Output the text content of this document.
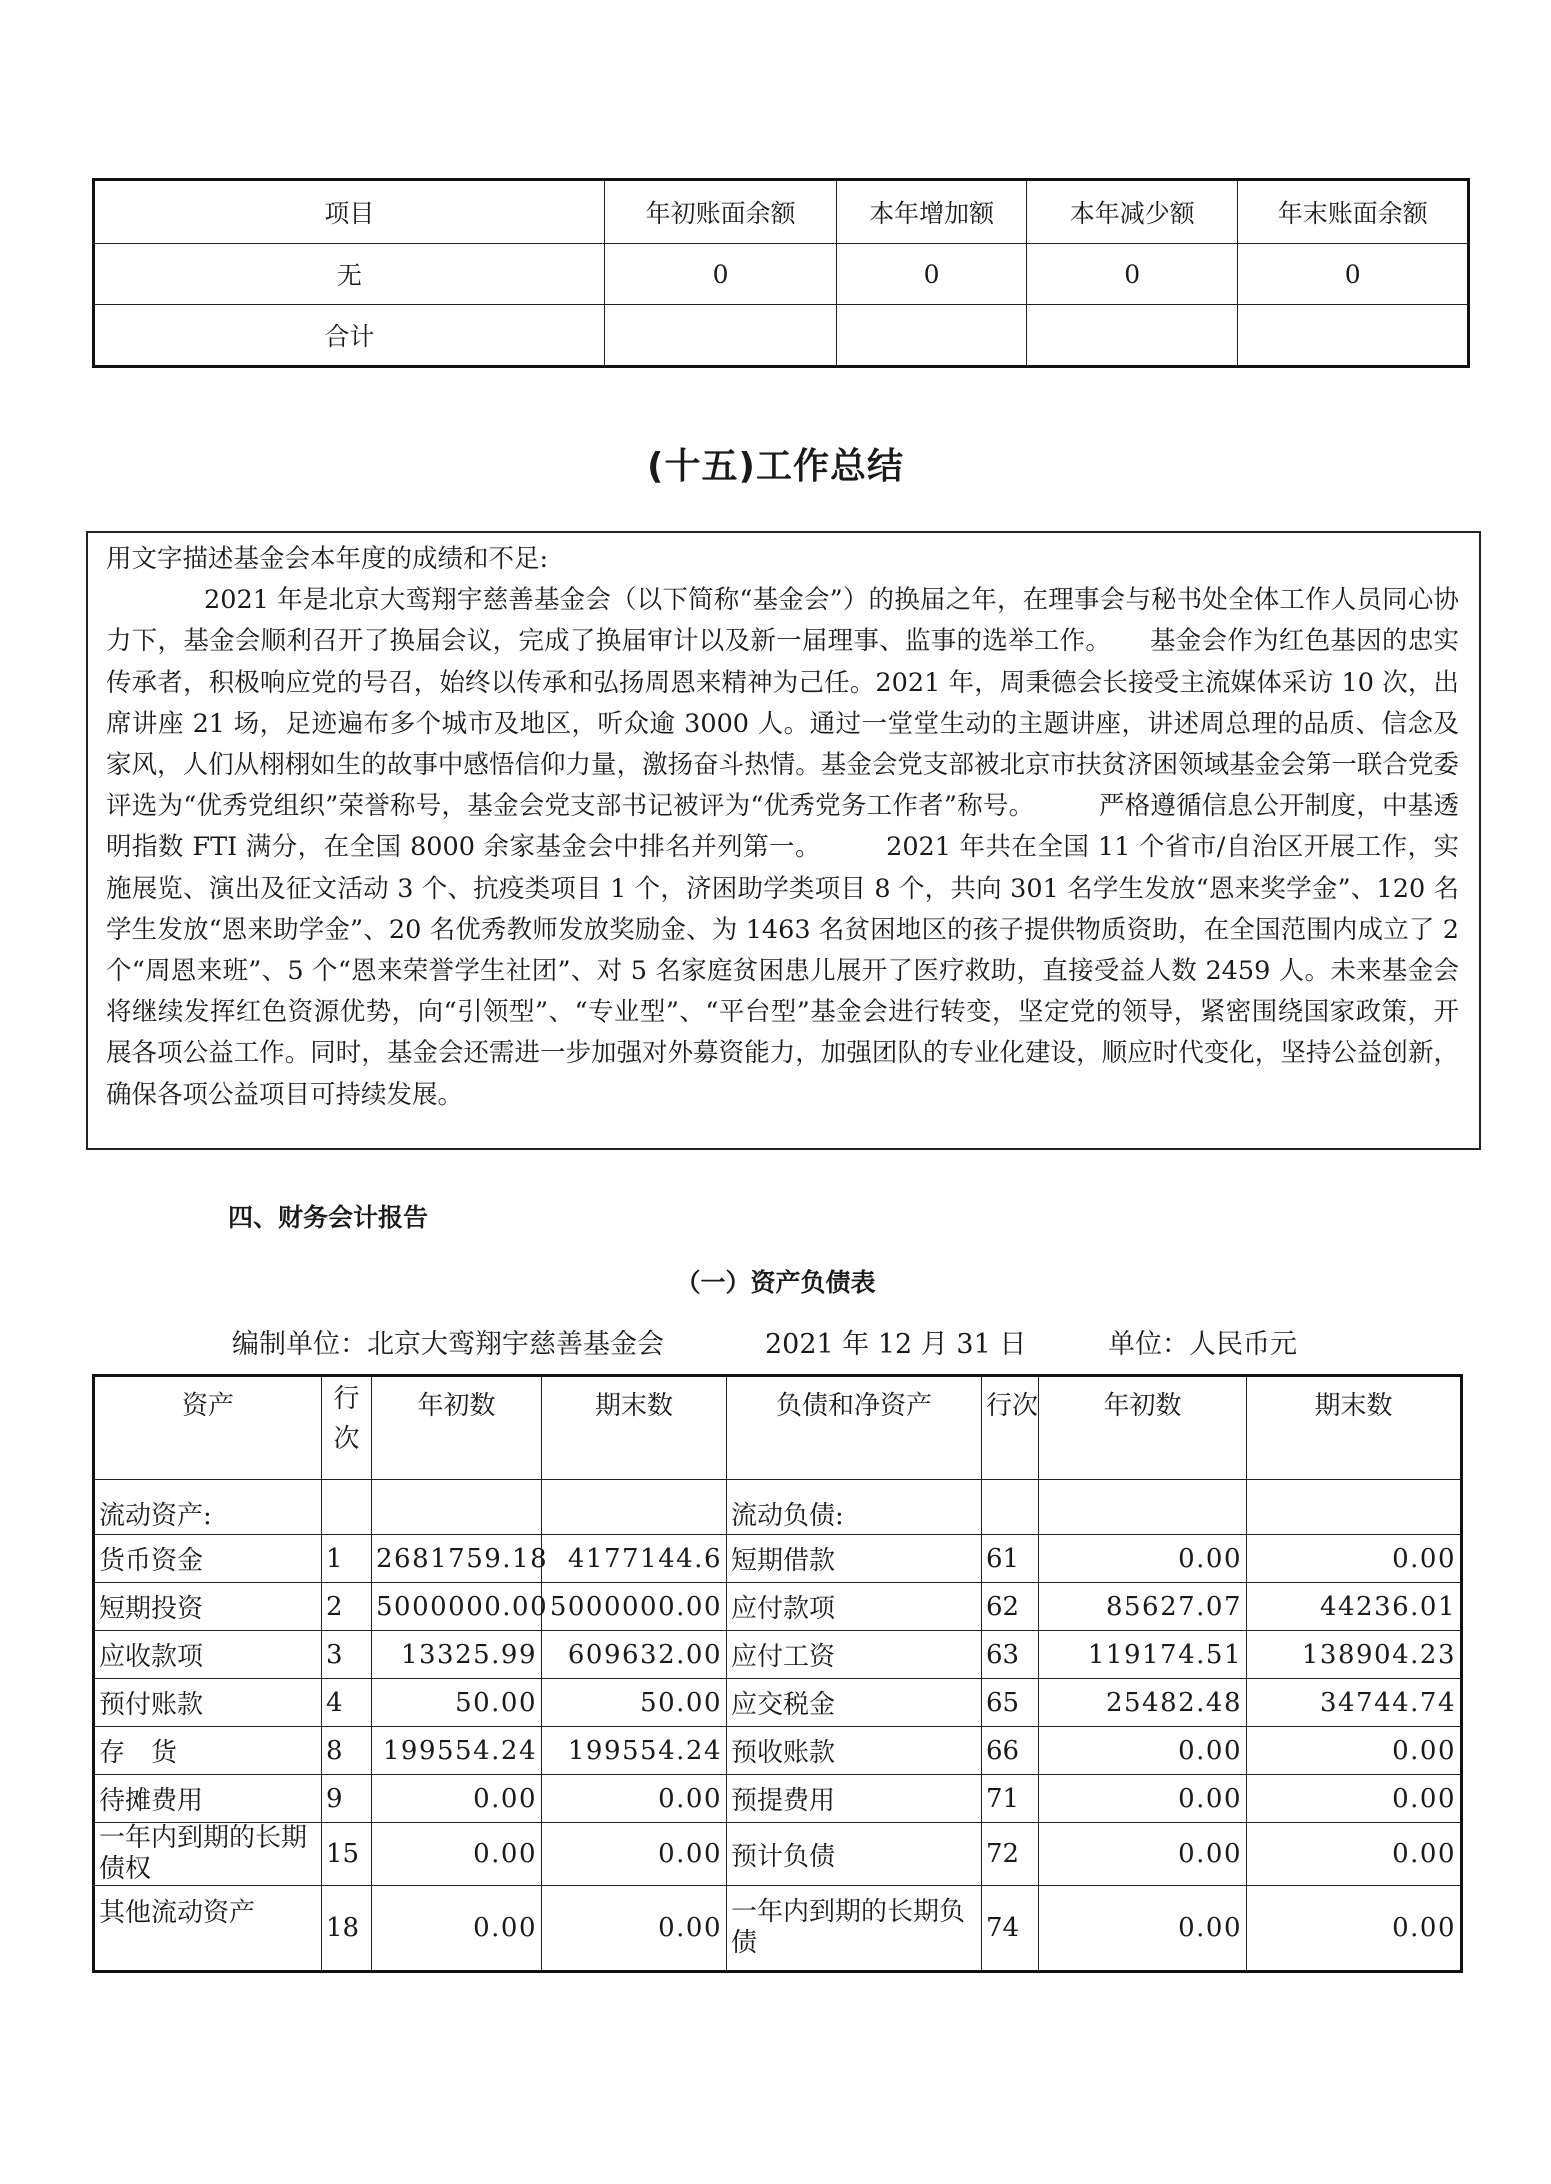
项目	年初账面余额	本年增加额	本年减少额	年末账面余额
无	0	0	0	0
合计				
(十五)工作总结

用文字描述基金会本年度的成绩和不足:

2021 年是北京大鸾翔宇慈善基金会（以下简称“基金会”）的换届之年，在理事会与秘书处全体工作人员同心协力下，基金会顺利召开了换届会议，完成了换届审计以及新一届理事、监事的选举工作。　　基金会作为红色基因的忠实传承者，积极响应党的号召，始终以传承和弘扬周恩来精神为己任。2021 年，周秉德会长接受主流媒体采访 10 次，出席讲座 21 场，足迹遍布多个城市及地区，听众逾 3000 人。通过一堂堂生动的主题讲座，讲述周总理的品质、信念及家风，人们从栩栩如生的故事中感悟信仰力量，激扬奋斗热情。基金会党支部被北京市扶贫济困领域基金会第一联合党委评选为“优秀党组织”荣誉称号，基金会党支部书记被评为“优秀党务工作者”称号。　　　严格遵循信息公开制度，中基透明指数 FTI 满分，在全国 8000 余家基金会中排名并列第一。　　　2021 年共在全国 11 个省市/自治区开展工作，实施展览、演出及征文活动 3 个、抗疫类项目 1 个，济困助学类项目 8 个，共向 301 名学生发放“恩来奖学金”、120 名学生发放“恩来助学金”、20 名优秀教师发放奖励金、为 1463 名贫困地区的孩子提供物质资助，在全国范围内成立了 2 个“周恩来班”、5 个“恩来荣誉学生社团”、对 5 名家庭贫困患儿展开了医疗救助，直接受益人数 2459 人。未来基金会将继续发挥红色资源优势，向“引领型”、“专业型”、“平台型”基金会进行转变，坚定党的领导，紧密围绕国家政策，开展各项公益工作。同时，基金会还需进一步加强对外募资能力，加强团队的专业化建设，顺应时代变化，坚持公益创新，确保各项公益项目可持续发展。

四、财务会计报告
（一）资产负债表
编制单位：北京大鸾翔宇慈善基金会	2021 年 12 月 31 日	单位：人民币元
资产	行次	年初数	期末数	负债和净资产	行次	年初数	期末数
流动资产:				流动负债:			
货币资金	1	2681759.18	4177144.6	短期借款	61	0.00	0.00
短期投资	2	5000000.00	5000000.00	应付款项	62	85627.07	44236.01
应收款项	3	13325.99	609632.00	应付工资	63	119174.51	138904.23
预付账款	4	50.00	50.00	应交税金	65	25482.48	34744.74
存　货	8	199554.24	199554.24	预收账款	66	0.00	0.00
待摊费用	9	0.00	0.00	预提费用	71	0.00	0.00
一年内到期的长期债权	15	0.00	0.00	预计负债	72	0.00	0.00
其他流动资产	18	0.00	0.00	一年内到期的长期负债	74	0.00	0.00
